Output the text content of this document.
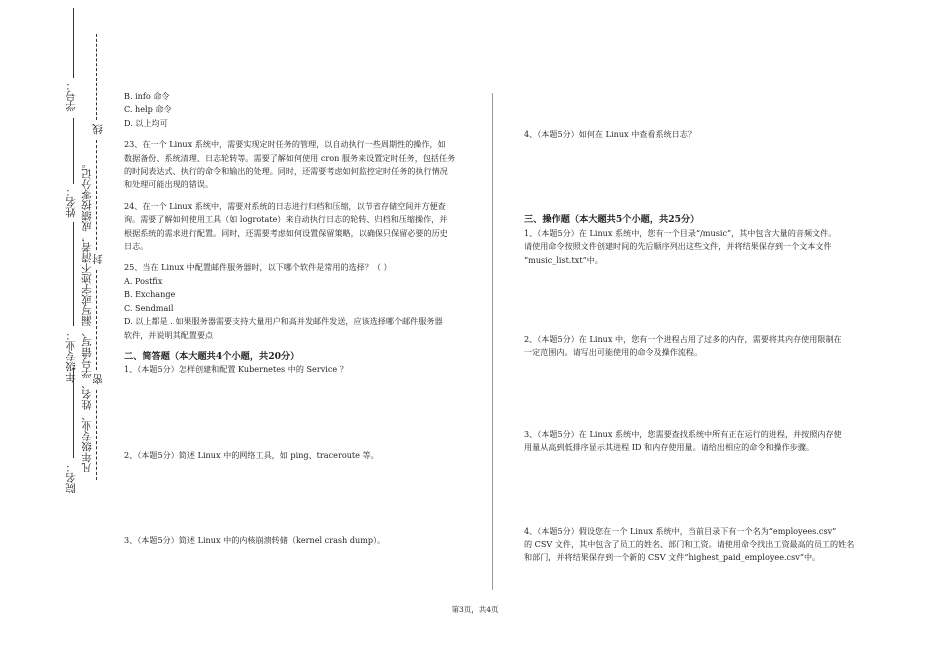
学号：
姓名：
年级专业：
院名：
凡年级专业、姓名、学号错写、漏写或字迹不清者，成绩按零分记。
线
封
密

B. info 命令

C. help 命令

D. 以上均可

23、在一个 Linux 系统中，需要实现定时任务的管理，以自动执行一些周期性的操作，如

数据备份、系统清理、日志轮转等。需要了解如何使用 cron 服务来设置定时任务，包括任务

的时间表达式、执行的命令和输出的处理。同时，还需要考虑如何监控定时任务的执行情况

和处理可能出现的错误。

24、在一个 Linux 系统中，需要对系统的日志进行归档和压缩，以节省存储空间并方便查

询。需要了解如何使用工具（如 logrotate）来自动执行日志的轮转、归档和压缩操作，并

根据系统的需求进行配置。同时，还需要考虑如何设置保留策略，以确保只保留必要的历史

日志。

25、当在 Linux 中配置邮件服务器时，以下哪个软件是常用的选择？（ ）

A. Postfix

B. Exchange

C. Sendmail

D. 以上都是 . 如果服务器需要支持大量用户和高并发邮件发送，应该选择哪个邮件服务器

软件，并说明其配置要点

二、简答题（本大题共4个小题，共20分）

1、（本题5分）怎样创建和配置 Kubernetes 中的 Service ？

2、（本题5分）简述 Linux 中的网络工具，如 ping、traceroute 等。

3、（本题5分）简述 Linux 中的内核崩溃转储（kernel crash dump）。

4、（本题5分）如何在 Linux 中查看系统日志？

三、操作题（本大题共5个小题，共25分）

1、（本题5分）在 Linux 系统中，您有一个目录“/music”，其中包含大量的音频文件。

请使用命令按照文件创建时间的先后顺序列出这些文件，并将结果保存到一个文本文件

“music_list.txt”中。

2、（本题5分）在 Linux 中，您有一个进程占用了过多的内存，需要将其内存使用限制在

一定范围内。请写出可能使用的命令及操作流程。

3、（本题5分）在 Linux 系统中，您需要查找系统中所有正在运行的进程，并按照内存使

用量从高到低排序显示其进程 ID 和内存使用量。请给出相应的命令和操作步骤。

4、（本题5分）假设您在一个 Linux 系统中，当前目录下有一个名为“employees.csv”

的 CSV 文件，其中包含了员工的姓名、部门和工资。请使用命令找出工资最高的员工的姓名

和部门，并将结果保存到一个新的 CSV 文件“highest_paid_employee.csv”中。

第3页，共4页
